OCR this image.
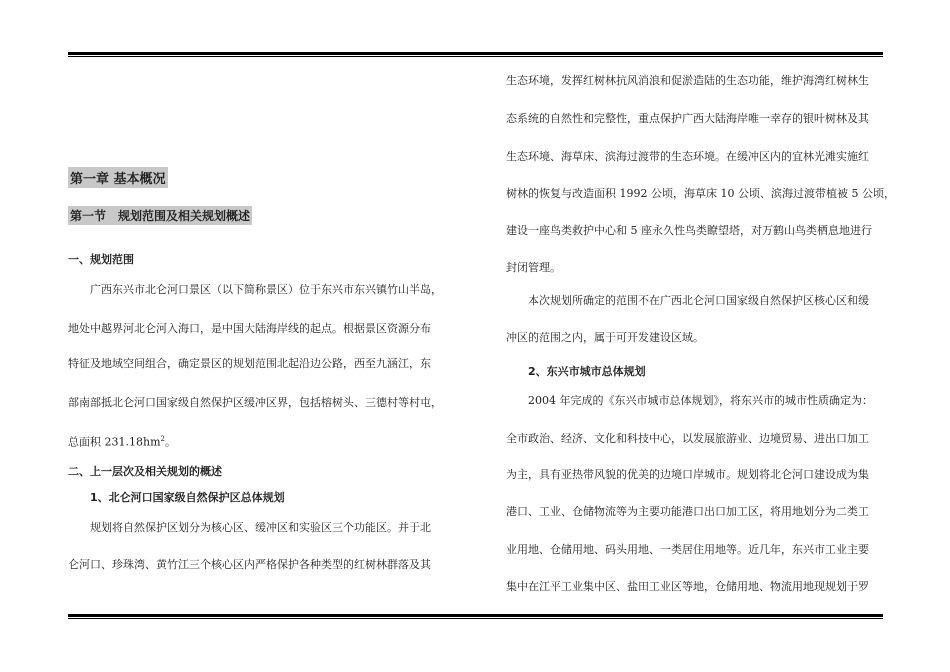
第一章 基本概况
第一节　规划范围及相关规划概述
一、规划范围
广西东兴市北仑河口景区（以下简称景区）位于东兴市东兴镇竹山半岛，
地处中越界河北仑河入海口，是中国大陆海岸线的起点。根据景区资源分布
特征及地域空间组合，确定景区的规划范围北起沿边公路，西至九涵江，东
部南部抵北仑河口国家级自然保护区缓冲区界，包括榕树头、三德村等村屯，
总面积 $231.18hm^2$。
二、上一层次及相关规划的概述
1、北仑河口国家级自然保护区总体规划
规划将自然保护区划分为核心区、缓冲区和实验区三个功能区。并于北
仑河口、珍珠湾、黄竹江三个核心区内严格保护各种类型的红树林群落及其
生态环境，发挥红树林抗风消浪和促淤造陆的生态功能，维护海湾红树林生
态系统的自然性和完整性，重点保护广西大陆海岸唯一幸存的银叶树林及其
生态环境、海草床、滨海过渡带的生态环境。在缓冲区内的宜林光滩实施红
树林的恢复与改造面积 1992 公顷，海草床 10 公顷、滨海过渡带植被 5 公顷，
建设一座鸟类救护中心和 5 座永久性鸟类瞭望塔，对万鹤山鸟类栖息地进行
封闭管理。
本次规划所确定的范围不在广西北仑河口国家级自然保护区核心区和缓
冲区的范围之内，属于可开发建设区域。
2、东兴市城市总体规划
2004 年完成的《东兴市城市总体规划》，将东兴市的城市性质确定为：
全市政治、经济、文化和科技中心，以发展旅游业、边境贸易、进出口加工
为主，具有亚热带风貌的优美的边境口岸城市。规划将北仑河口建设成为集
港口、工业、仓储物流等为主要功能港口出口加工区，将用地划分为二类工
业用地、仓储用地、码头用地、一类居住用地等。近几年，东兴市工业主要
集中在江平工业集中区、盐田工业区等地，仓储用地、物流用地现规划于罗
